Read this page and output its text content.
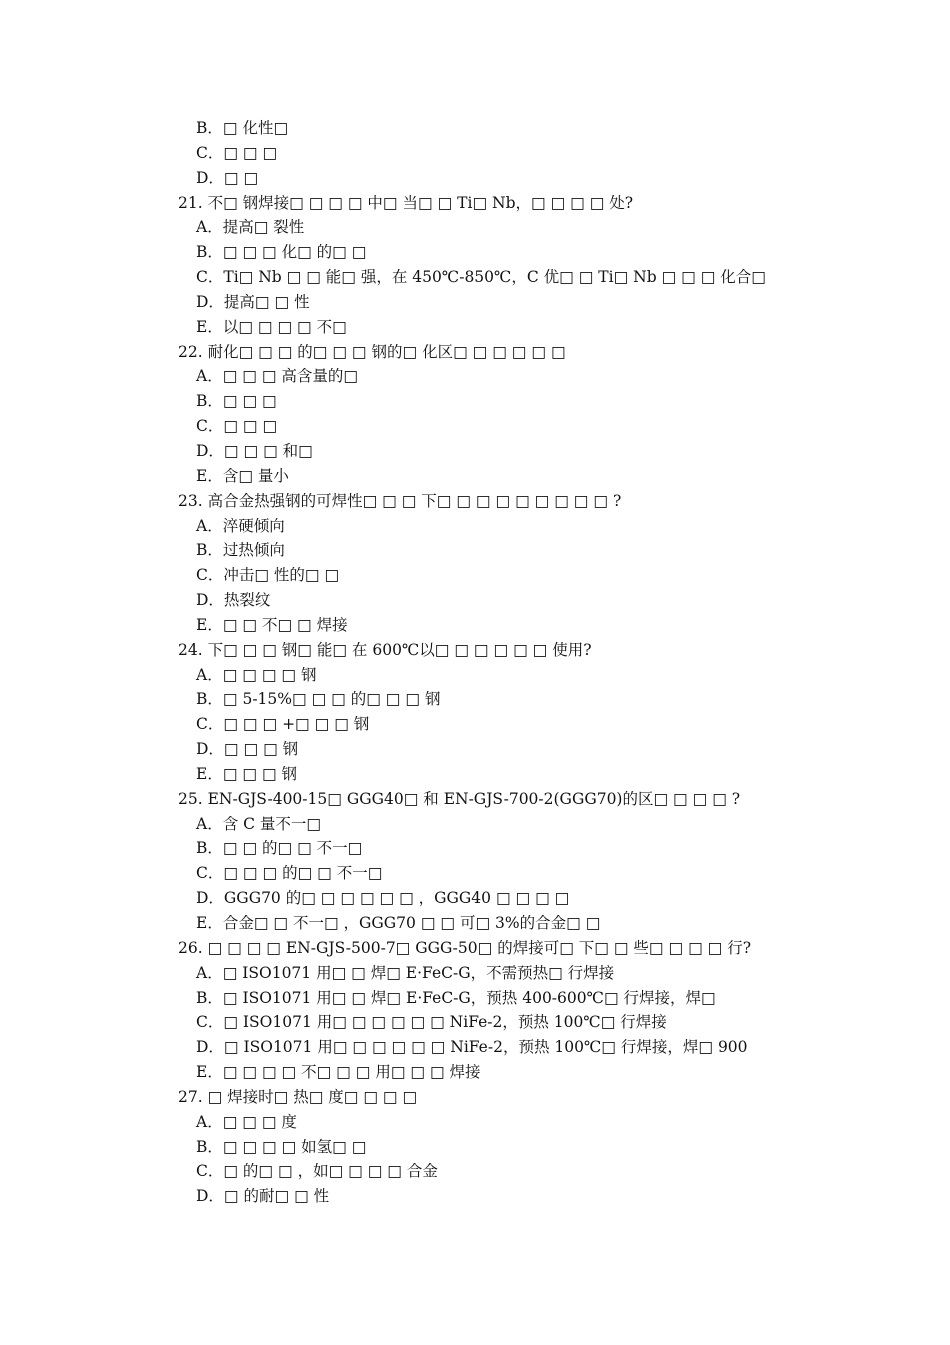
B．□ 化性□
C．□ □ □
D．□ □
21. 不□ 钢焊接□ □ □ □ 中□ 当□ □ Ti□ Nb，□ □ □ □ 处?
A．提高□ 裂性
B．□ □ □ 化□ 的□ □
C．Ti□ Nb □ □ 能□ 强，在 450℃-850℃，C 优□ □ Ti□ Nb □ □ □ 化合□
D．提高□ □ 性
E．以□ □ □ □ 不□
22. 耐化□ □ □ 的□ □ □ 钢的□ 化区□ □ □ □ □ □
A．□ □ □ 高含量的□
B．□ □ □
C．□ □ □
D．□ □ □ 和□
E．含□ 量小
23. 高合金热强钢的可焊性□ □ □ 下□ □ □ □ □ □ □ □ □ ?
A．淬硬倾向
B．过热倾向
C．冲击□ 性的□ □
D．热裂纹
E．□ □ 不□ □ 焊接
24. 下□ □ □ 钢□ 能□ 在 600℃以□ □ □ □ □ □ 使用?
A．□ □ □ □ 钢
B．□ 5-15%□ □ □ 的□ □ □ 钢
C．□ □ □ +□ □ □ 钢
D．□ □ □ 钢
E．□ □ □ 钢
25. EN-GJS-400-15□ GGG40□ 和 EN-GJS-700-2(GGG70)的区□ □ □ □ ?
A．含 C 量不一□
B．□ □ 的□ □ 不一□
C．□ □ □ 的□ □ 不一□
D．GGG70 的□ □ □ □ □ □ ，GGG40 □ □ □ □
E．合金□ □ 不一□ ，GGG70 □ □ 可□ 3%的合金□ □
26. □ □ □ □ EN-GJS-500-7□ GGG-50□ 的焊接可□ 下□ □ 些□ □ □ □ 行?
A．□ ISO1071 用□ □ 焊□ E·FeC-G，不需预热□ 行焊接
B．□ ISO1071 用□ □ 焊□ E·FeC-G，预热 400-600℃□ 行焊接，焊□
C．□ ISO1071 用□ □ □ □ □ □ NiFe-2，预热 100℃□ 行焊接
D．□ ISO1071 用□ □ □ □ □ □ NiFe-2，预热 100℃□ 行焊接，焊□ 900
E．□ □ □ □ 不□ □ □ 用□ □ □ 焊接
27. □ 焊接时□ 热□ 度□ □ □ □
A．□ □ □ 度
B．□ □ □ □ 如氢□ □
C．□ 的□ □ ，如□ □ □ □ 合金
D．□ 的耐□ □ 性
